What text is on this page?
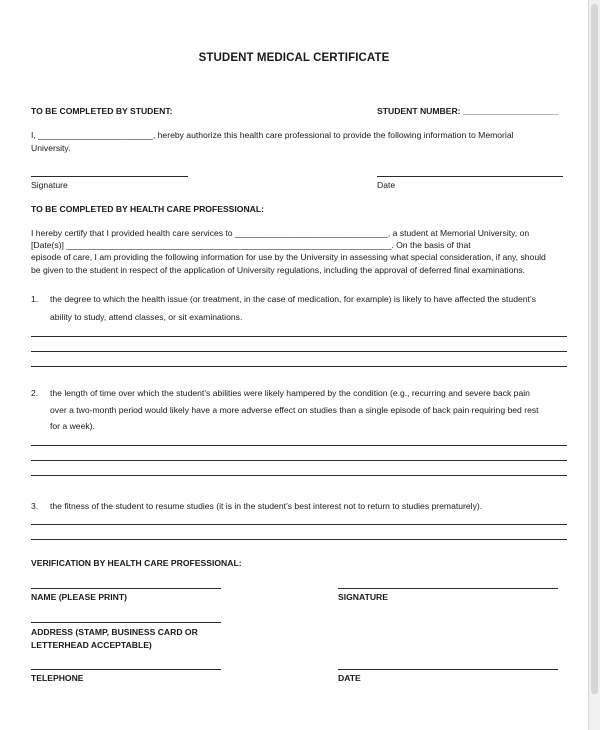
STUDENT MEDICAL CERTIFICATE
TO BE COMPLETED BY STUDENT:	STUDENT NUMBER: ____________________
I, ________________________, hereby authorize this health care professional to provide the following information to Memorial
University.
Signature	Date
TO BE COMPLETED BY HEALTH CARE PROFESSIONAL:
I hereby certify that I provided health care services to ________________________________, a student at Memorial University, on
[Date(s)] ____________________________________________________________________. On the basis of that
episode of care, I am providing the following information for use by the University in assessing what special consideration, if any, should
be given to the student in respect of the application of University regulations, including the approval of deferred final examinations.
1. the degree to which the health issue (or treatment, in the case of medication, for example) is likely to have affected the student’s
ability to study, attend classes, or sit examinations.
2. the length of time over which the student’s abilities were likely hampered by the condition (e.g., recurring and severe back pain
over a two-month period would likely have a more adverse effect on studies than a single episode of back pain requiring bed rest
for a week).
3. the fitness of the student to resume studies (it is in the student’s best interest not to return to studies prematurely).
VERIFICATION BY HEALTH CARE PROFESSIONAL:
NAME (PLEASE PRINT)	SIGNATURE
ADDRESS (STAMP, BUSINESS CARD OR
LETTERHEAD ACCEPTABLE)
TELEPHONE	DATE
